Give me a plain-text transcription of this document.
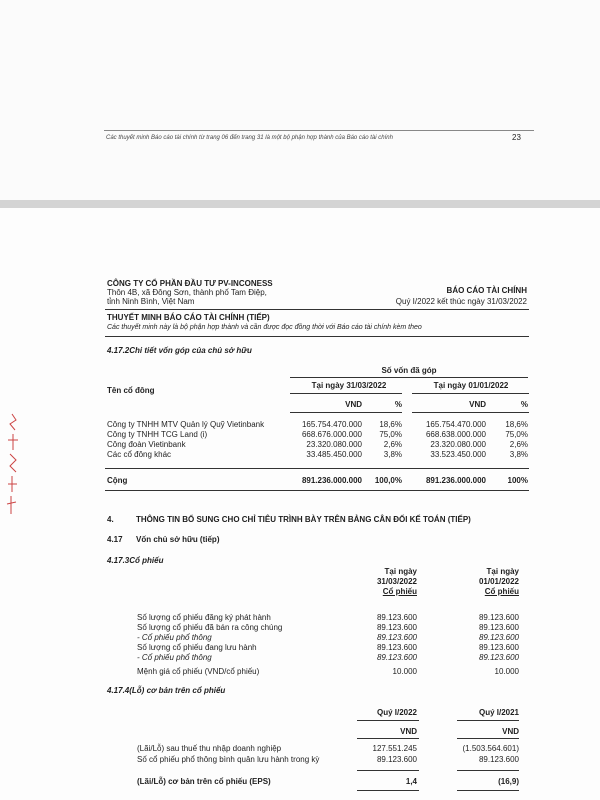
Các thuyết minh Báo cáo tài chính từ trang 06 đến trang 31 là một bộ phận hợp thành của Báo cáo tài chính	23
CÔNG TY CỔ PHẦN ĐẦU TƯ PV-INCONESS
Thôn 4B, xã Đông Sơn, thành phố Tam Điệp,
tỉnh Ninh Bình, Việt Nam
BÁO CÁO TÀI CHÍNH
Quý I/2022 kết thúc ngày 31/03/2022
THUYẾT MINH BÁO CÁO TÀI CHÍNH (TIẾP)
Các thuyết minh này là bộ phận hợp thành và cần được đọc đồng thời với Báo cáo tài chính kèm theo
4.17.2Chi tiết vốn góp của chủ sở hữu
Số vốn đã góp
Tên cổ đông
Tại ngày 31/03/2022	Tại ngày 01/01/2022
VND	%	VND	%
Công ty TNHH MTV Quản lý Quỹ Vietinbank	165.754.470.000	18,6%	165.754.470.000	18,6%
Công ty TNHH TCG Land (i)	668.676.000.000	75,0%	668.638.000.000	75,0%
Công đoàn Vietinbank	23.320.080.000	2,6%	23.320.080.000	2,6%
Các cổ đông khác	33.485.450.000	3,8%	33.523.450.000	3,8%
Cộng	891.236.000.000	100,0%	891.236.000.000	100%
4.	THÔNG TIN BỔ SUNG CHO CHỈ TIÊU TRÌNH BÀY TRÊN BẢNG CÂN ĐỐI KẾ TOÁN (TIẾP)
4.17 Vốn chủ sở hữu (tiếp)
4.17.3Cổ phiếu
Tại ngày
31/03/2022
Cổ phiếu
Tại ngày
01/01/2022
Cổ phiếu
Số lượng cổ phiếu đăng ký phát hành	89.123.600	89.123.600
Số lượng cổ phiếu đã bán ra công chúng	89.123.600	89.123.600
- Cổ phiếu phổ thông	89.123.600	89.123.600
Số lượng cổ phiếu đang lưu hành	89.123.600	89.123.600
- Cổ phiếu phổ thông	89.123.600	89.123.600
Mệnh giá cổ phiếu (VND/cổ phiếu)	10.000	10.000
4.17.4(Lỗ) cơ bản trên cổ phiếu
Quý I/2022	Quý I/2021
VND	VND
(Lãi/Lỗ) sau thuế thu nhập doanh nghiệp	127.551.245	(1.503.564.601)
Số cổ phiếu phổ thông bình quân lưu hành trong kỳ	89.123.600	89.123.600
(Lãi/Lỗ) cơ bản trên cổ phiếu (EPS)	1,4	(16,9)
